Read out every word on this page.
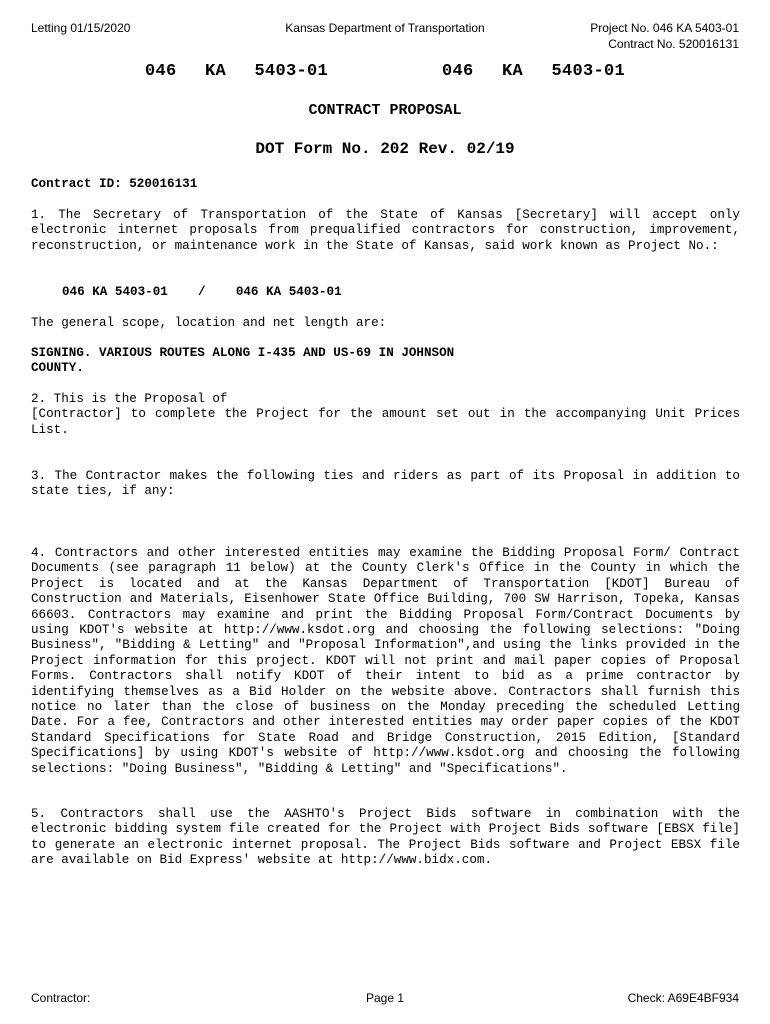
Letting 01/15/2020	Kansas Department of Transportation	Project No. 046 KA 5403-01
Contract No. 520016131
046 KA 5403-01    046 KA 5403-01
CONTRACT PROPOSAL
DOT Form No. 202 Rev. 02/19
Contract ID: 520016131
1. The Secretary of Transportation of the State of Kansas [Secretary] will accept only electronic internet proposals from prequalified contractors for construction, improvement, reconstruction, or maintenance work in the State of Kansas, said work known as Project No.:
046 KA 5403-01    /    046 KA 5403-01
The general scope, location and net length are:
SIGNING. VARIOUS ROUTES ALONG I-435 AND US-69 IN JOHNSON
COUNTY.
2. This is the Proposal of
[Contractor] to complete the Project for the amount set out in the accompanying Unit Prices List.
3. The Contractor makes the following ties and riders as part of its Proposal in addition to state ties, if any:
4. Contractors and other interested entities may examine the Bidding Proposal Form/ Contract Documents (see paragraph 11 below) at the County Clerk's Office in the County in which the Project is located and at the Kansas Department of Transportation [KDOT] Bureau of Construction and Materials, Eisenhower State Office Building, 700 SW Harrison, Topeka, Kansas 66603. Contractors may examine and print the Bidding Proposal Form/Contract Documents by using KDOT's website at http://www.ksdot.org and choosing the following selections: "Doing Business", "Bidding & Letting" and "Proposal Information",and using the links provided in the Project information for this project. KDOT will not print and mail paper copies of Proposal Forms. Contractors shall notify KDOT of their intent to bid as a prime contractor by identifying themselves as a Bid Holder on the website above. Contractors shall furnish this notice no later than the close of business on the Monday preceding the scheduled Letting Date. For a fee, Contractors and other interested entities may order paper copies of the KDOT Standard Specifications for State Road and Bridge Construction, 2015 Edition, [Standard Specifications] by using KDOT's website of http://www.ksdot.org and choosing the following selections: "Doing Business", "Bidding & Letting" and "Specifications".
5. Contractors shall use the AASHTO's Project Bids software in combination with the electronic bidding system file created for the Project with Project Bids software [EBSX file] to generate an electronic internet proposal. The Project Bids software and Project EBSX file are available on Bid Express' website at http://www.bidx.com.
Contractor:	Page 1	Check: A69E4BF934
